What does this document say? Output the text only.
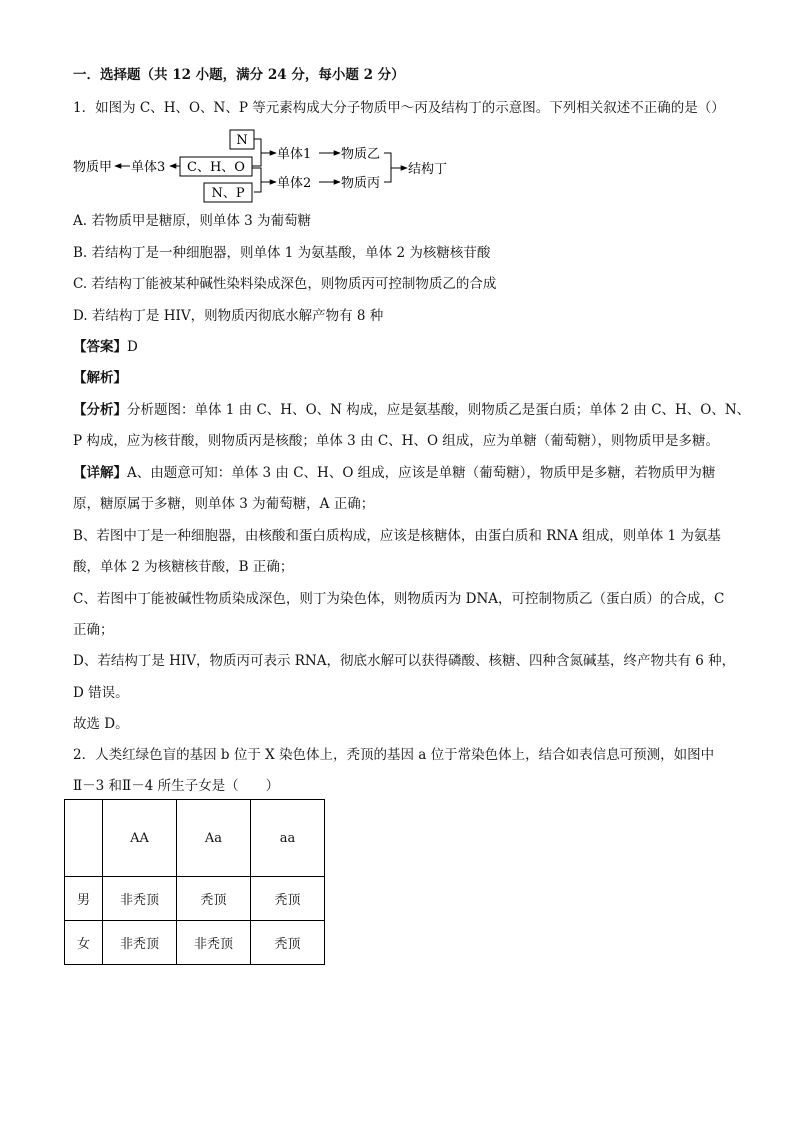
一．选择题（共 12 小题，满分 24 分，每小题 2 分）
1．如图为 C、H、O、N、P 等元素构成大分子物质甲～丙及结构丁的示意图。下列相关叙述不正确的是（）
N
C、H、O
N、P
物质甲 单体3
单体1 物质乙
单体2 物质丙
结构丁
A. 若物质甲是糖原，则单体 3 为葡萄糖
B. 若结构丁是一种细胞器，则单体 1 为氨基酸，单体 2 为核糖核苷酸
C. 若结构丁能被某种碱性染料染成深色，则物质丙可控制物质乙的合成
D. 若结构丁是 HIV，则物质丙彻底水解产物有 8 种
【答案】D
【解析】
【分析】分析题图：单体 1 由 C、H、O、N 构成，应是氨基酸，则物质乙是蛋白质；单体 2 由 C、H、O、N、
P 构成，应为核苷酸，则物质丙是核酸；单体 3 由 C、H、O 组成，应为单糖（葡萄糖），则物质甲是多糖。
【详解】A、由题意可知：单体 3 由 C、H、O 组成，应该是单糖（葡萄糖），物质甲是多糖，若物质甲为糖
原，糖原属于多糖，则单体 3 为葡萄糖，A 正确；
B、若图中丁是一种细胞器，由核酸和蛋白质构成，应该是核糖体，由蛋白质和 RNA 组成，则单体 1 为氨基
酸，单体 2 为核糖核苷酸，B 正确；
C、若图中丁能被碱性物质染成深色，则丁为染色体，则物质丙为 DNA，可控制物质乙（蛋白质）的合成，C
正确；
D、若结构丁是 HIV，物质丙可表示 RNA，彻底水解可以获得磷酸、核糖、四种含氮碱基，终产物共有 6 种，
D 错误。
故选 D。
2．人类红绿色盲的基因 b 位于 X 染色体上，秃顶的基因 a 位于常染色体上，结合如表信息可预测，如图中
Ⅱ－3 和Ⅱ－4 所生子女是（　　）
	AA	Aa	aa
男	非秃顶	秃顶	秃顶
女	非秃顶	非秃顶	秃顶
